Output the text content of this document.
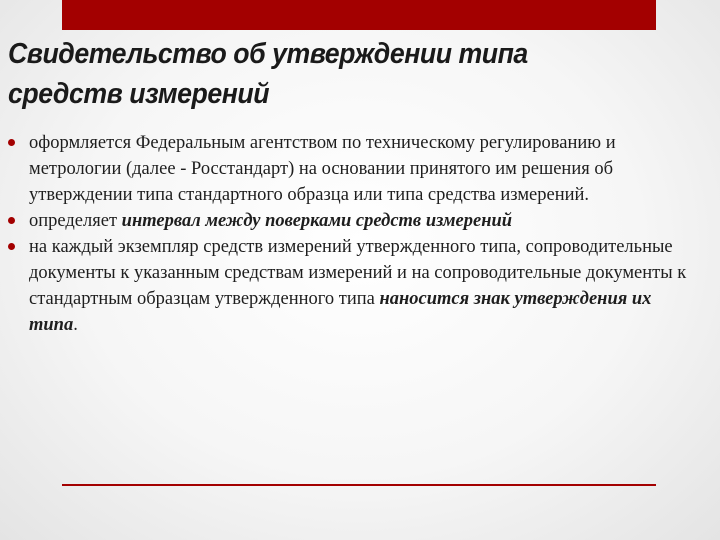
Свидетельство об утверждении типа
средств измерений
оформляется Федеральным агентством по техническому регулированию и метрологии (далее - Росстандарт) на основании принятого им решения об утверждении типа стандартного образца или типа средства измерений.
определяет интервал между поверками средств измерений
на каждый экземпляр средств измерений утвержденного типа, сопроводительные документы к указанным средствам измерений и на сопроводительные документы к стандартным образцам утвержденного типа наносится знак утверждения их типа.
